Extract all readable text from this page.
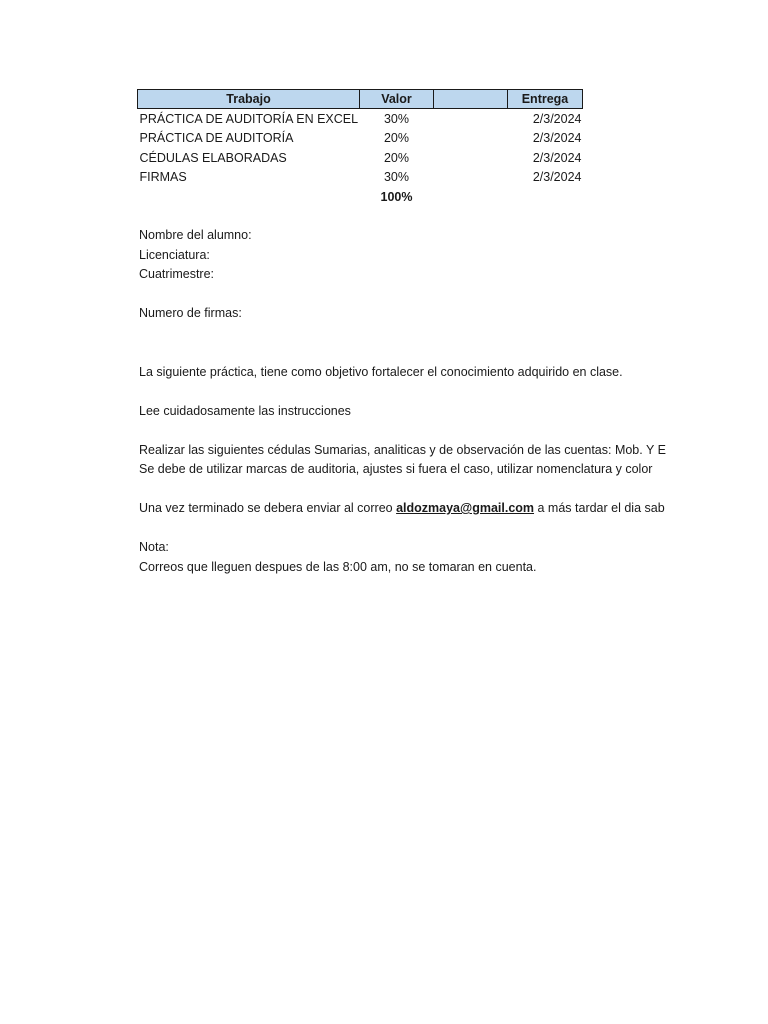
Trabajo	Valor		Entrega
PRÁCTICA DE AUDITORÍA EN EXCEL	30%		2/3/2024
PRÁCTICA DE AUDITORÍA	20%		2/3/2024
CÉDULAS ELABORADAS	20%		2/3/2024
FIRMAS	30%		2/3/2024
	100%		
Nombre del alumno:
Licenciatura:
Cuatrimestre:
Numero de firmas:
La siguiente práctica, tiene como objetivo fortalecer el conocimiento adquirido en clase.
Lee cuidadosamente las instrucciones
Realizar las siguientes cédulas Sumarias, analiticas y de observación de las cuentas: Mob. Y E
Se debe de utilizar marcas de auditoria, ajustes si fuera el caso, utilizar nomenclatura y color
Una vez terminado se debera enviar al correo aldozmaya@gmail.com a más tardar el dia sab
Nota:
Correos que lleguen despues de las 8:00 am, no se tomaran en cuenta.
